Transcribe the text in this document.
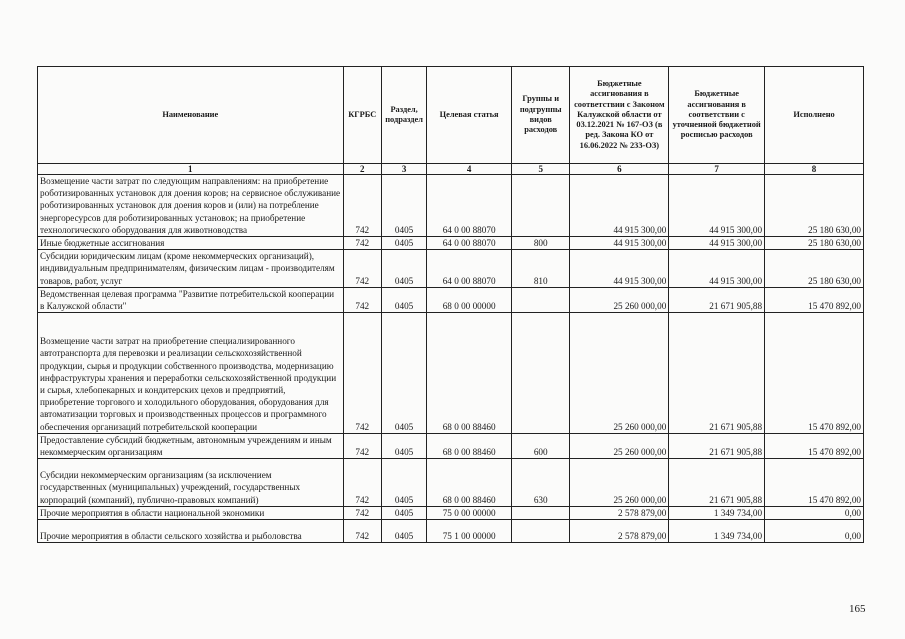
Наименование	КГРБС	Раздел, подраздел	Целевая статья	Группы и подгруппы видов расходов	Бюджетные ассигнования в соответствии с Законом Калужской области от 03.12.2021 № 167-ОЗ (в ред. Закона КО от 16.06.2022 № 233-ОЗ)	Бюджетные ассигнования в соответствии с уточненной бюджетной росписью расходов	Исполнено
1	2	3	4	5	6	7	8
Возмещение части затрат по следующим направлениям: на приобретение роботизированных установок для доения коров; на сервисное обслуживание роботизированных установок для доения коров и (или) на потребление энергоресурсов для роботизированных установок; на приобретение технологического оборудования для животноводства	742	0405	64 0 00 88070		44 915 300,00	44 915 300,00	25 180 630,00
Иные бюджетные ассигнования	742	0405	64 0 00 88070	800	44 915 300,00	44 915 300,00	25 180 630,00
Субсидии юридическим лицам (кроме некоммерческих организаций), индивидуальным предпринимателям, физическим лицам - производителям товаров, работ, услуг	742	0405	64 0 00 88070	810	44 915 300,00	44 915 300,00	25 180 630,00
Ведомственная целевая программа "Развитие потребительской кооперации в Калужской области"	742	0405	68 0 00 00000		25 260 000,00	21 671 905,88	15 470 892,00
Возмещение части затрат на приобретение специализированного автотранспорта для перевозки и реализации сельскохозяйственной продукции, сырья и продукции собственного производства, модернизацию инфраструктуры хранения и переработки сельскохозяйственной продукции и сырья, хлебопекарных и кондитерских цехов и предприятий, приобретение торгового и холодильного оборудования, оборудования для автоматизации торговых и производственных процессов и программного обеспечения организаций потребительской кооперации	742	0405	68 0 00 88460		25 260 000,00	21 671 905,88	15 470 892,00
Предоставление субсидий бюджетным, автономным учреждениям и иным некоммерческим организациям	742	0405	68 0 00 88460	600	25 260 000,00	21 671 905,88	15 470 892,00
Субсидии некоммерческим организациям (за исключением государственных (муниципальных) учреждений, государственных корпораций (компаний), публично-правовых компаний)	742	0405	68 0 00 88460	630	25 260 000,00	21 671 905,88	15 470 892,00
Прочие мероприятия в области национальной экономики	742	0405	75 0 00 00000		2 578 879,00	1 349 734,00	0,00
Прочие мероприятия в области сельского хозяйства и рыболовства	742	0405	75 1 00 00000		2 578 879,00	1 349 734,00	0,00
165
